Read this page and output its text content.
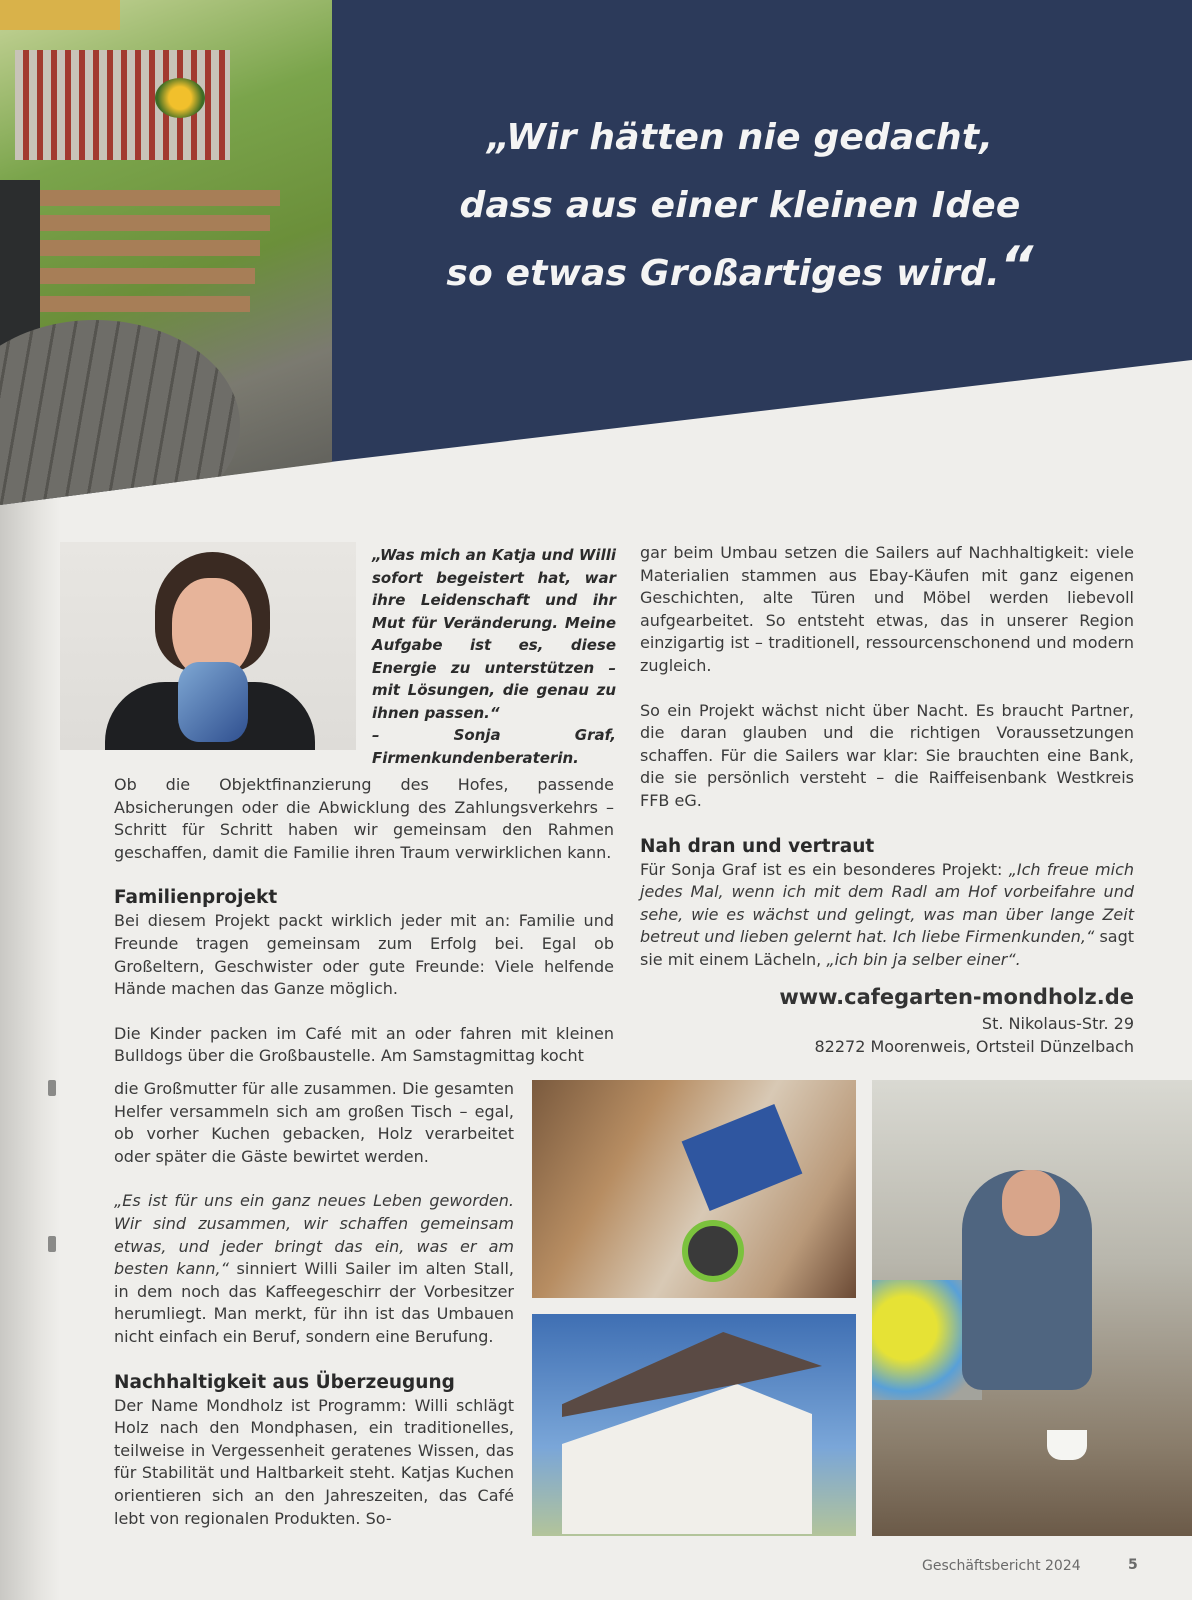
„Wir hätten nie gedacht,
dass aus einer kleinen Idee
so etwas Großartiges wird.“

„Was mich an Katja und Willi sofort begeistert hat, war ihre Leidenschaft und ihr Mut für Veränderung. Meine Aufgabe ist es, diese Energie zu unterstützen – mit Lösungen, die genau zu ihnen passen.“

– Sonja Graf, Firmenkundenberaterin.

Ob die Objektfinanzierung des Hofes, passende Absicherungen oder die Abwicklung des Zahlungsverkehrs – Schritt für Schritt haben wir gemeinsam den Rahmen geschaffen, damit die Familie ihren Traum verwirklichen kann.

Familienprojekt

Bei diesem Projekt packt wirklich jeder mit an: Familie und Freunde tragen gemeinsam zum Erfolg bei. Egal ob Großeltern, Geschwister oder gute Freunde: Viele helfende Hände machen das Ganze möglich.

Die Kinder packen im Café mit an oder fahren mit kleinen Bulldogs über die Großbaustelle. Am Samstagmittag kocht

die Großmutter für alle zusammen. Die gesamten Helfer versammeln sich am großen Tisch – egal, ob vorher Kuchen gebacken, Holz verarbeitet oder später die Gäste bewirtet werden.

„Es ist für uns ein ganz neues Leben geworden. Wir sind zusammen, wir schaffen gemeinsam etwas, und jeder bringt das ein, was er am besten kann,“ sinniert Willi Sailer im alten Stall, in dem noch das Kaffeegeschirr der Vorbesitzer herumliegt. Man merkt, für ihn ist das Umbauen nicht einfach ein Beruf, sondern eine Berufung.

Nachhaltigkeit aus Überzeugung

Der Name Mondholz ist Programm: Willi schlägt Holz nach den Mondphasen, ein traditionelles, teilweise in Vergessenheit geratenes Wissen, das für Stabilität und Haltbarkeit steht. Katjas Kuchen orientieren sich an den Jahreszeiten, das Café lebt von regionalen Produkten. So-

gar beim Umbau setzen die Sailers auf Nachhaltigkeit: viele Materialien stammen aus Ebay-Käufen mit ganz eigenen Geschichten, alte Türen und Möbel werden liebevoll aufgearbeitet. So entsteht etwas, das in unserer Region einzigartig ist – traditionell, ressourcenschonend und modern zugleich.

So ein Projekt wächst nicht über Nacht. Es braucht Partner, die daran glauben und die richtigen Voraussetzungen schaffen. Für die Sailers war klar: Sie brauchten eine Bank, die sie persönlich versteht – die Raiffeisenbank Westkreis FFB eG.

Nah dran und vertraut

Für Sonja Graf ist es ein besonderes Projekt: „Ich freue mich jedes Mal, wenn ich mit dem Radl am Hof vorbeifahre und sehe, wie es wächst und gelingt, was man über lange Zeit betreut und lieben gelernt hat. Ich liebe Firmenkunden,“ sagt sie mit einem Lächeln, „ich bin ja selber einer“.

www.cafegarten-mondholz.de
St. Nikolaus-Str. 29
82272 Moorenweis, Ortsteil Dünzelbach
Geschäftsbericht 2024	5
